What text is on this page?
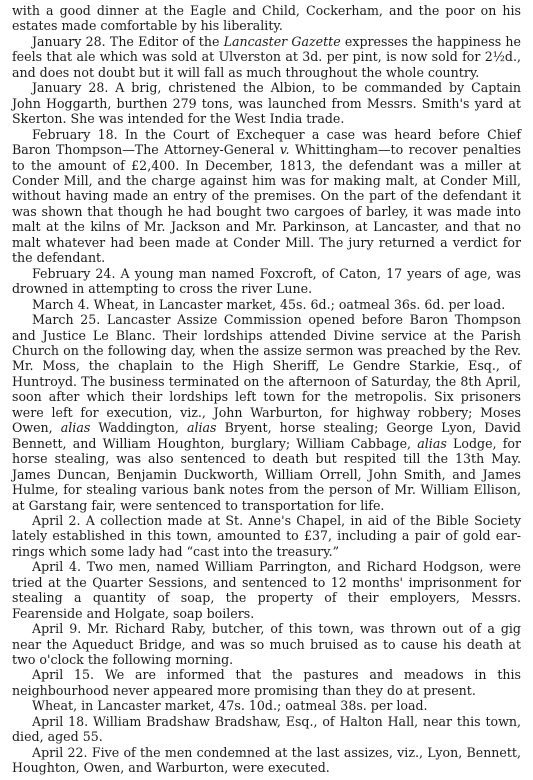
with a good dinner at the Eagle and Child, Cockerham, and the poor on his estates made comfortable by his liberality.

January 28. The Editor of the Lancaster Gazette expresses the happiness he feels that ale which was sold at Ulverston at 3d. per pint, is now sold for 2½d., and does not doubt but it will fall as much throughout the whole country.

January 28. A brig, christened the Albion, to be commanded by Captain John Hoggarth, burthen 279 tons, was launched from Messrs. Smith's yard at Skerton. She was intended for the West India trade.

February 18. In the Court of Exchequer a case was heard before Chief Baron Thompson—The Attorney-General v. Whittingham—to recover penalties to the amount of £2,400. In December, 1813, the defendant was a miller at Conder Mill, and the charge against him was for making malt, at Conder Mill, without having made an entry of the premises. On the part of the defendant it was shown that though he had bought two cargoes of barley, it was made into malt at the kilns of Mr. Jackson and Mr. Parkinson, at Lancaster, and that no malt whatever had been made at Conder Mill. The jury returned a verdict for the defendant.

February 24. A young man named Foxcroft, of Caton, 17 years of age, was drowned in attempting to cross the river Lune.

March 4. Wheat, in Lancaster market, 45s. 6d.; oatmeal 36s. 6d. per load.

March 25. Lancaster Assize Commission opened before Baron Thompson and Justice Le Blanc. Their lordships attended Divine service at the Parish Church on the following day, when the assize sermon was preached by the Rev. Mr. Moss, the chaplain to the High Sheriff, Le Gendre Starkie, Esq., of Huntroyd. The business terminated on the afternoon of Saturday, the 8th April, soon after which their lordships left town for the metropolis. Six prisoners were left for execution, viz., John Warburton, for highway robbery; Moses Owen, alias Waddington, alias Bryent, horse stealing; George Lyon, David Bennett, and William Houghton, burglary; William Cabbage, alias Lodge, for horse stealing, was also sentenced to death but respited till the 13th May. James Duncan, Benjamin Duckworth, William Orrell, John Smith, and James Hulme, for stealing various bank notes from the person of Mr. William Ellison, at Garstang fair, were sentenced to transportation for life.

April 2. A collection made at St. Anne's Chapel, in aid of the Bible Society lately established in this town, amounted to £37, including a pair of gold ear-rings which some lady had “cast into the treasury.”

April 4. Two men, named William Parrington, and Richard Hodgson, were tried at the Quarter Sessions, and sentenced to 12 months' imprisonment for stealing a quantity of soap, the property of their employers, Messrs. Fearenside and Holgate, soap boilers.

April 9. Mr. Richard Raby, butcher, of this town, was thrown out of a gig near the Aqueduct Bridge, and was so much bruised as to cause his death at two o'clock the following morning.

April 15. We are informed that the pastures and meadows in this neighbourhood never appeared more promising than they do at present.

Wheat, in Lancaster market, 47s. 10d.; oatmeal 38s. per load.

April 18. William Bradshaw Bradshaw, Esq., of Halton Hall, near this town, died, aged 55.

April 22. Five of the men condemned at the last assizes, viz., Lyon, Bennett, Houghton, Owen, and Warburton, were executed.
